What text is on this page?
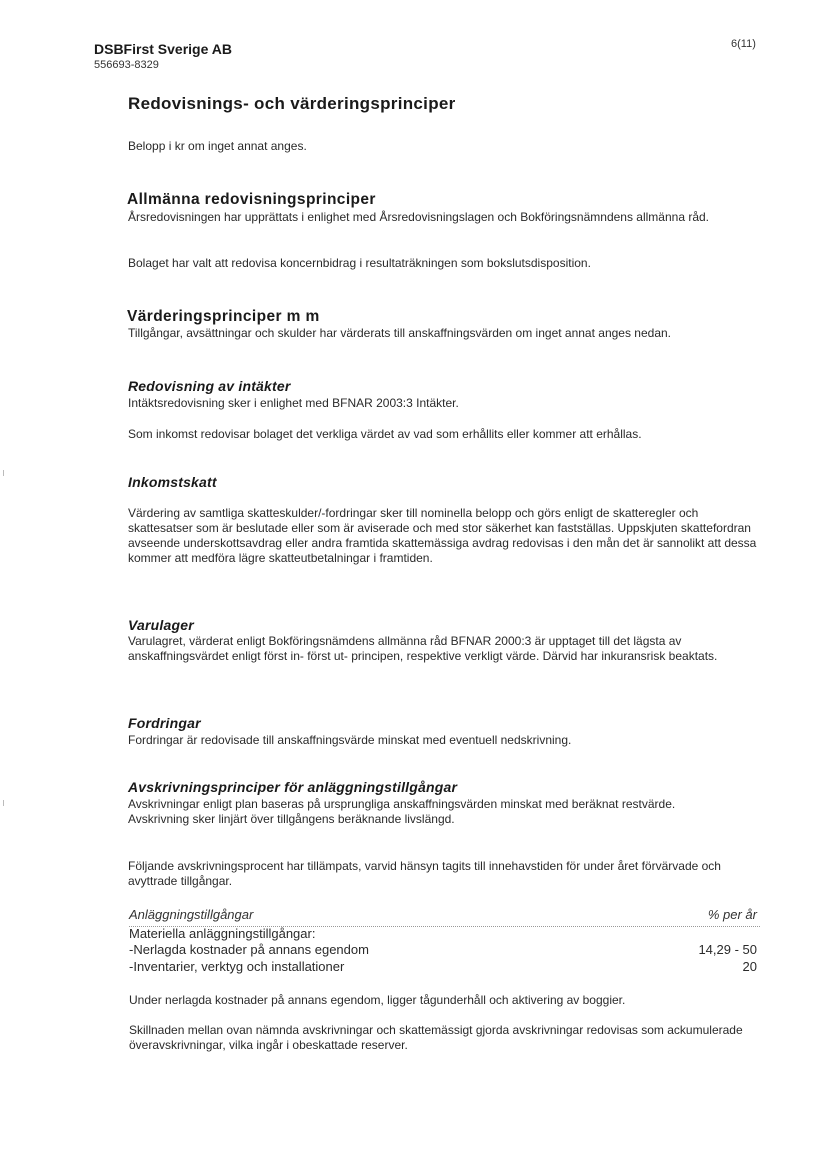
DSBFirst Sverige AB
556693-8329
6(11)
Redovisnings- och värderingsprinciper

Belopp i kr om inget annat anges.

Allmänna redovisningsprinciper

Årsredovisningen har upprättats i enlighet med Årsredovisningslagen och Bokföringsnämndens allmänna råd.

Bolaget har valt att redovisa koncernbidrag i resultaträkningen som bokslutsdisposition.

Värderingsprinciper m m

Tillgångar, avsättningar och skulder har värderats till anskaffningsvärden om inget annat anges nedan.

Redovisning av intäkter

Intäktsredovisning sker i enlighet med BFNAR 2003:3 Intäkter.

Som inkomst redovisar bolaget det verkliga värdet av vad som erhållits eller kommer att erhållas.

Inkomstskatt

Värdering av samtliga skatteskulder/-fordringar sker till nominella belopp och görs enligt de skatteregler och skattesatser som är beslutade eller som är aviserade och med stor säkerhet kan fastställas. Uppskjuten skattefordran avseende underskottsavdrag eller andra framtida skattemässiga avdrag redovisas i den mån det är sannolikt att dessa kommer att medföra lägre skatteutbetalningar i framtiden.

Varulager

Varulagret, värderat enligt Bokföringsnämdens allmänna råd BFNAR 2000:3 är upptaget till det lägsta av anskaffningsvärdet enligt först in- först ut- principen, respektive verkligt värde. Därvid har inkuransrisk beaktats.

Fordringar

Fordringar är redovisade till anskaffningsvärde minskat med eventuell nedskrivning.

Avskrivningsprinciper för anläggningstillgångar

Avskrivningar enligt plan baseras på ursprungliga anskaffningsvärden minskat med beräknat restvärde. Avskrivning sker linjärt över tillgångens beräknande livslängd.

Följande avskrivningsprocent har tillämpats, varvid hänsyn tagits till innehavstiden för under året förvärvade och avyttrade tillgångar.

Anläggningstillgångar	% per år
Materiella anläggningstillgångar:
-Nerlagda kostnader på annans egendom	14,29 - 50
-Inventarier, verktyg och installationer	20

Under nerlagda kostnader på annans egendom, ligger tågunderhåll och aktivering av boggier.

Skillnaden mellan ovan nämnda avskrivningar och skattemässigt gjorda avskrivningar redovisas som ackumulerade överavskrivningar, vilka ingår i obeskattade reserver.
